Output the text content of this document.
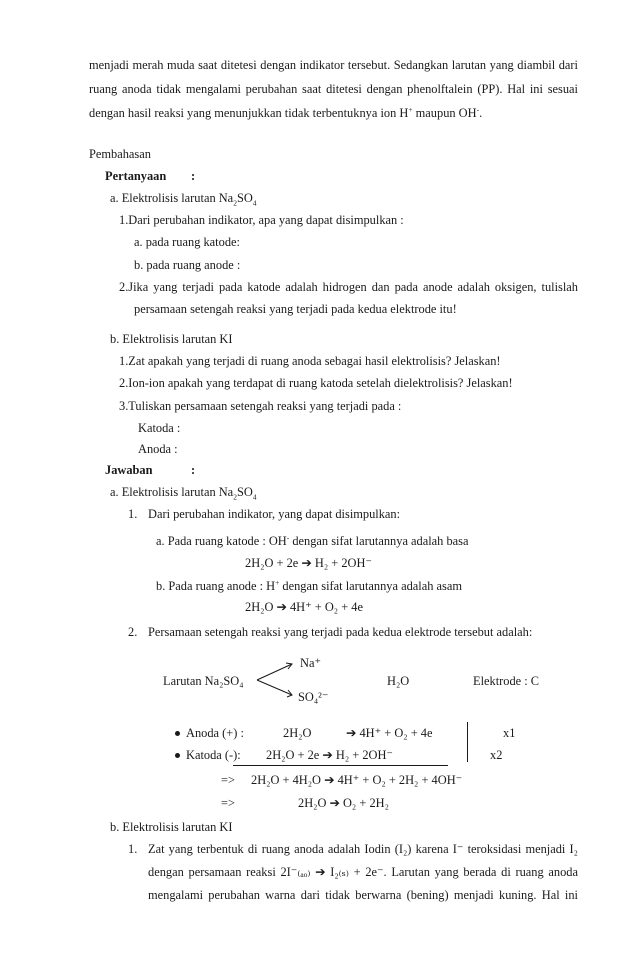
menjadi merah muda saat ditetesi dengan indikator tersebut. Sedangkan larutan yang diambil dari
ruang anoda tidak mengalami perubahan saat ditetesi dengan phenolftalein (PP). Hal ini sesuai
dengan hasil reaksi yang menunjukkan tidak terbentuknya ion H+ maupun OH-.
Pembahasan
Pertanyaan :
a. Elektrolisis larutan $Na_2SO_4$
1.Dari perubahan indikator, apa yang dapat disimpulkan :
a. pada ruang katode:
b. pada ruang anode :
2.Jika yang terjadi pada katode adalah hidrogen dan pada anode adalah oksigen, tulislah
persamaan setengah reaksi yang terjadi pada kedua elektrode itu!
b. Elektrolisis larutan KI
1.Zat apakah yang terjadi di ruang anoda sebagai hasil elektrolisis? Jelaskan!
2.Ion-ion apakah yang terdapat di ruang katoda setelah dielektrolisis? Jelaskan!
3.Tuliskan persamaan setengah reaksi yang terjadi pada :
Katoda :
Anoda :
Jawaban	:
a. Elektrolisis larutan $Na_2SO_4$
1. Dari perubahan indikator, yang dapat disimpulkan:
a. Pada ruang katode : OH- dengan sifat larutannya adalah basa
2H₂O + 2e ➔ H₂ + 2OH⁻
b. Pada ruang anode : H+ dengan sifat larutannya adalah asam
2H₂O ➔ 4H⁺ + O₂ + 4e
2. Persamaan setengah reaksi yang terjadi pada kedua elektrode tersebut adalah:
Na⁺
Larutan Na₂SO₄	H₂O	Elektrode : C
SO₄²⁻
Anoda (+) :	2H₂O	➔ 4H⁺ + O₂ + 4e	x1
Katoda (-): 2H₂O + 2e ➔ H₂ + 2OH⁻	x2
=> 2H₂O + 4H₂O ➔ 4H⁺ + O₂ + 2H₂ + 4OH⁻
=>	2H₂O ➔ O₂ + 2H₂
b. Elektrolisis larutan KI
1. Zat yang terbentuk di ruang anoda adalah Iodin (I₂) karena I⁻ teroksidasi menjadi I₂
dengan persamaan reaksi 2I⁻₍ₐₒ₎ ➔ I₂₍ₛ₎ + 2e⁻. Larutan yang berada di ruang anoda
mengalami perubahan warna dari tidak berwarna (bening) menjadi kuning. Hal ini
